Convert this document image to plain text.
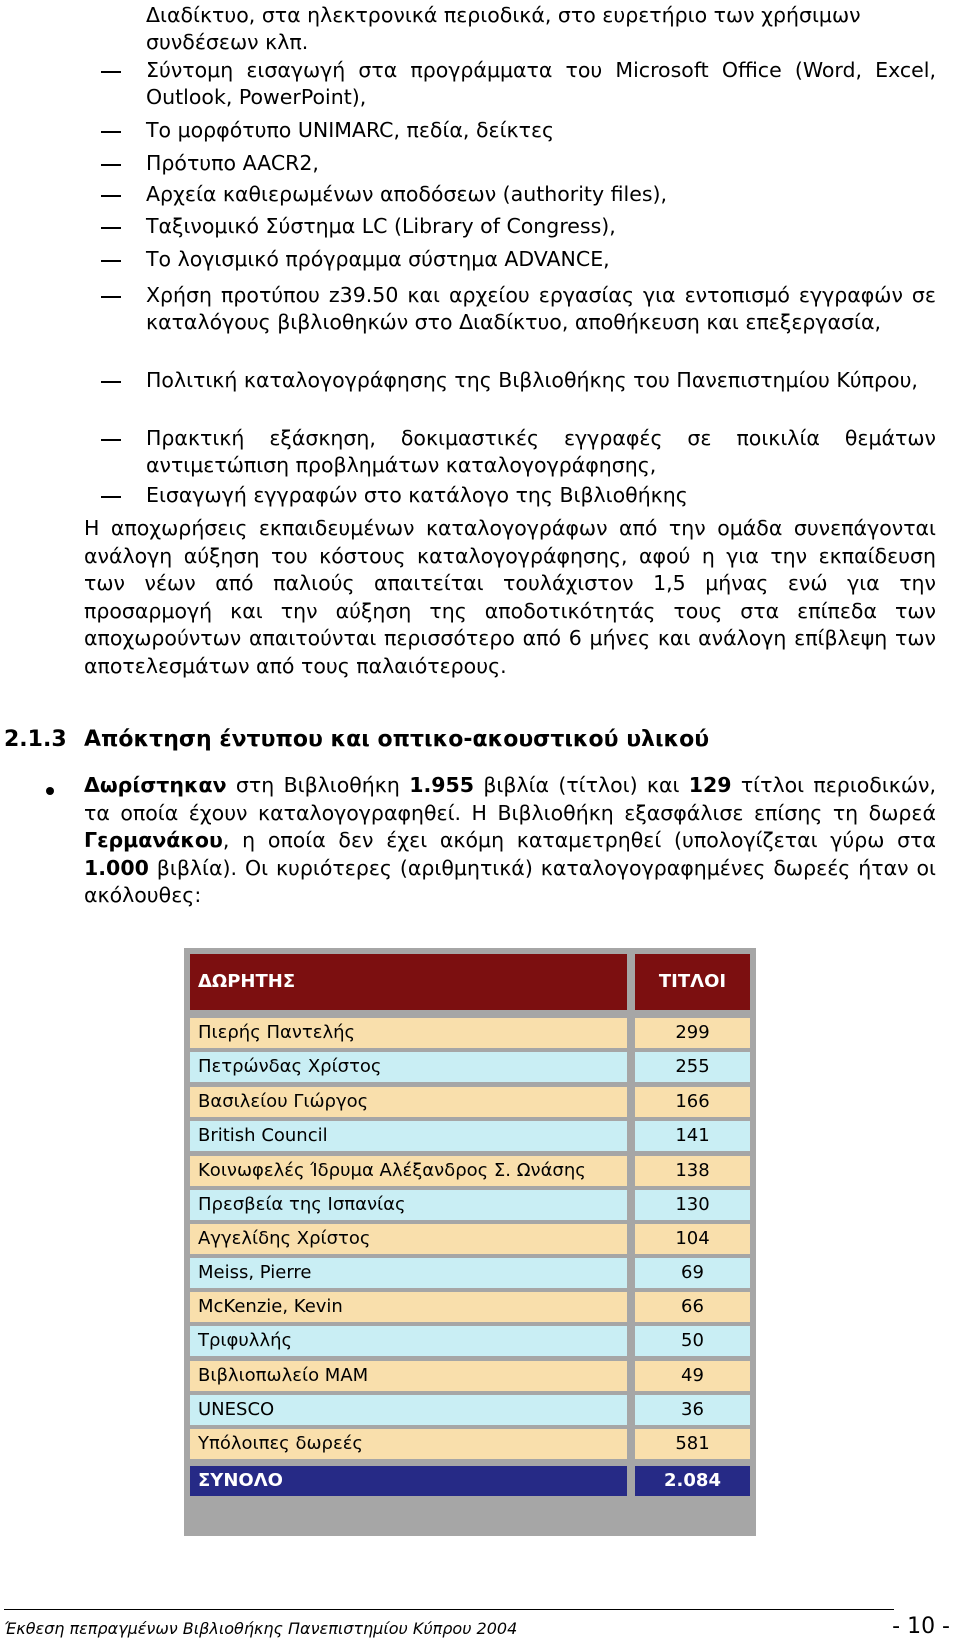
Διαδίκτυο, στα ηλεκτρονικά περιοδικά, στο ευρετήριο των χρήσιμων
συνδέσεων κλπ.
Σύντομη εισαγωγή στα προγράμματα του Microsoft Office (Word, Excel, Outlook, PowerPoint),
Το μορφότυπο UNIMARC, πεδία, δείκτες
Πρότυπο AACR2,
Αρχεία καθιερωμένων αποδόσεων (authority files),
Ταξινομικό Σύστημα LC (Library of Congress),
Το λογισμικό πρόγραμμα σύστημα ADVANCE,
Χρήση προτύπου z39.50 και αρχείου εργασίας για εντοπισμό εγγραφών σε καταλόγους βιβλιοθηκών στο Διαδίκτυο, αποθήκευση και επεξεργασία,
Πολιτική καταλογογράφησης της Βιβλιοθήκης του Πανεπιστημίου Κύπρου,
Πρακτική εξάσκηση, δοκιμαστικές εγγραφές σε ποικιλία θεμάτων αντιμετώπιση προβλημάτων καταλογογράφησης,
Εισαγωγή εγγραφών στο κατάλογο της Βιβλιοθήκης
Η αποχωρήσεις εκπαιδευμένων καταλογογράφων από την ομάδα συνεπάγονται ανάλογη αύξηση του κόστους καταλογογράφησης, αφού η για την εκπαίδευση των νέων από παλιούς απαιτείται τουλάχιστον 1,5 μήνας ενώ για την προσαρμογή και την αύξηση της αποδοτικότητάς τους στα επίπεδα των αποχωρούντων απαιτούνται περισσότερο από 6 μήνες και ανάλογη επίβλεψη των αποτελεσμάτων από τους παλαιότερους.
2.1.3 Απόκτηση έντυπου και οπτικο-ακουστικού υλικού
Δωρίστηκαν στη Βιβλιοθήκη 1.955 βιβλία (τίτλοι) και 129 τίτλοι περιοδικών, τα οποία έχουν καταλογογραφηθεί. Η Βιβλιοθήκη εξασφάλισε επίσης τη δωρεά Γερμανάκου, η οποία δεν έχει ακόμη καταμετρηθεί (υπολογίζεται γύρω στα 1.000 βιβλία). Οι κυριότερες (αριθμητικά) καταλογογραφημένες δωρεές ήταν οι ακόλουθες:
ΔΩΡΗΤΗΣ	ΤΙΤΛΟΙ
Πιερής Παντελής	299
Πετρώνδας Χρίστος	255
Βασιλείου Γιώργος	166
British Council	141
Κοινωφελές Ίδρυμα Αλέξανδρος Σ. Ωνάσης	138
Πρεσβεία της Ισπανίας	130
Αγγελίδης Χρίστος	104
Meiss, Pierre	69
McKenzie, Kevin	66
Τριφυλλής	50
Βιβλιοπωλείο MAM	49
UNESCO	36
Υπόλοιπες δωρεές	581
ΣΥΝΟΛΟ	2.084
Έκθεση πεπραγμένων Βιβλιοθήκης Πανεπιστημίου Κύπρου 2004	- 10 -
